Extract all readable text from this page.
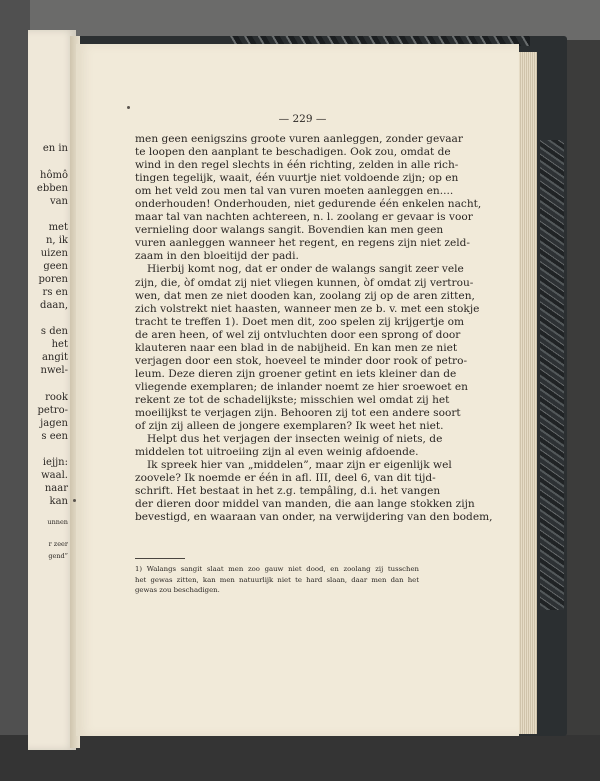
en in
hômô
ebben
van
met
n, ik
uizen
geen
poren
rs en
daan,
s den
het
angit
nwel-
rook
petro-
jagen
s een
iejjn:
waal.
naar
kan
unnen
r zeer
gend”
— 229 —
men geen eenigszins groote vuren aanleggen, zonder gevaar
te loopen den aanplant te beschadigen. Ook zou, omdat de
wind in den regel slechts in één richting, zelden in alle rich-
tingen tegelijk, waait, één vuurtje niet voldoende zijn; op en
om het veld zou men tal van vuren moeten aanleggen en....
onderhouden! Onderhouden, niet gedurende één enkelen nacht,
maar tal van nachten achtereen, n. l. zoolang er gevaar is voor
vernieling door walangs sangit. Bovendien kan men geen
vuren aanleggen wanneer het regent, en regens zijn niet zeld-
zaam in den bloeitijd der padi.
Hierbij komt nog, dat er onder de walangs sangit zeer vele
zijn, die, òf omdat zij niet vliegen kunnen, òf omdat zij vertrou-
wen, dat men ze niet dooden kan, zoolang zij op de aren zitten,
zich volstrekt niet haasten, wanneer men ze b. v. met een stokje
tracht te treffen 1). Doet men dit, zoo spelen zij krijgertje om
de aren heen, of wel zij ontvluchten door een sprong of door
klauteren naar een blad in de nabijheid. En kan men ze niet
verjagen door een stok, hoeveel te minder door rook of petro-
leum. Deze dieren zijn groener getint en iets kleiner dan de
vliegende exemplaren; de inlander noemt ze hier sroewoet en
rekent ze tot de schadelijkste; misschien wel omdat zij het
moeilijkst te verjagen zijn. Behooren zij tot een andere soort
of zijn zij alleen de jongere exemplaren? Ik weet het niet.
Helpt dus het verjagen der insecten weinig of niets, de
middelen tot uitroeiing zijn al even weinig afdoende.
Ik spreek hier van „middelen”, maar zijn er eigenlijk wel
zoovele? Ik noemde er één in afl. III, deel 6, van dit tijd-
schrift. Het bestaat in het z.g. tempâling, d.i. het vangen
der dieren door middel van manden, die aan lange stokken zijn
bevestigd, en waaraan van onder, na verwijdering van den bodem,
1) Walangs sangit slaat men zoo gauw niet dood, en zoolang zij tusschen
het gewas zitten, kan men natuurlijk niet te hard slaan, daar men dan het
gewas zou beschadigen.
